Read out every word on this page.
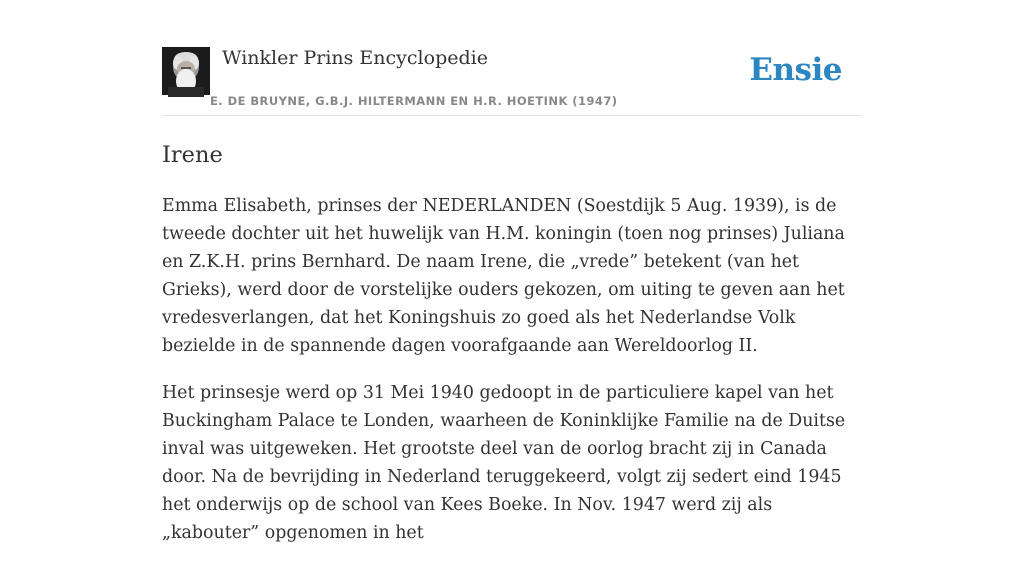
Winkler Prins Encyclopedie
E. DE BRUYNE, G.B.J. HILTERMANN EN H.R. HOETINK (1947)
Ensie
Irene

Emma Elisabeth, prinses der NEDERLANDEN (Soestdijk 5 Aug. 1939), is de tweede dochter uit het huwelijk van H.M. koningin (toen nog prinses) Juliana en Z.K.H. prins Bernhard. De naam Irene, die „vrede” betekent (van het Grieks), werd door de vorstelijke ouders gekozen, om uiting te geven aan het vredesverlangen, dat het Koningshuis zo goed als het Nederlandse Volk bezielde in de spannende dagen voorafgaande aan Wereldoorlog II.

Het prinsesje werd op 31 Mei 1940 gedoopt in de particuliere kapel van het Buckingham Palace te Londen, waarheen de Koninklijke Familie na de Duitse inval was uitgeweken. Het grootste deel van de oorlog bracht zij in Canada door. Na de bevrijding in Nederland teruggekeerd, volgt zij sedert eind 1945 het onderwijs op de school van Kees Boeke. In Nov. 1947 werd zij als „kabouter” opgenomen in het
